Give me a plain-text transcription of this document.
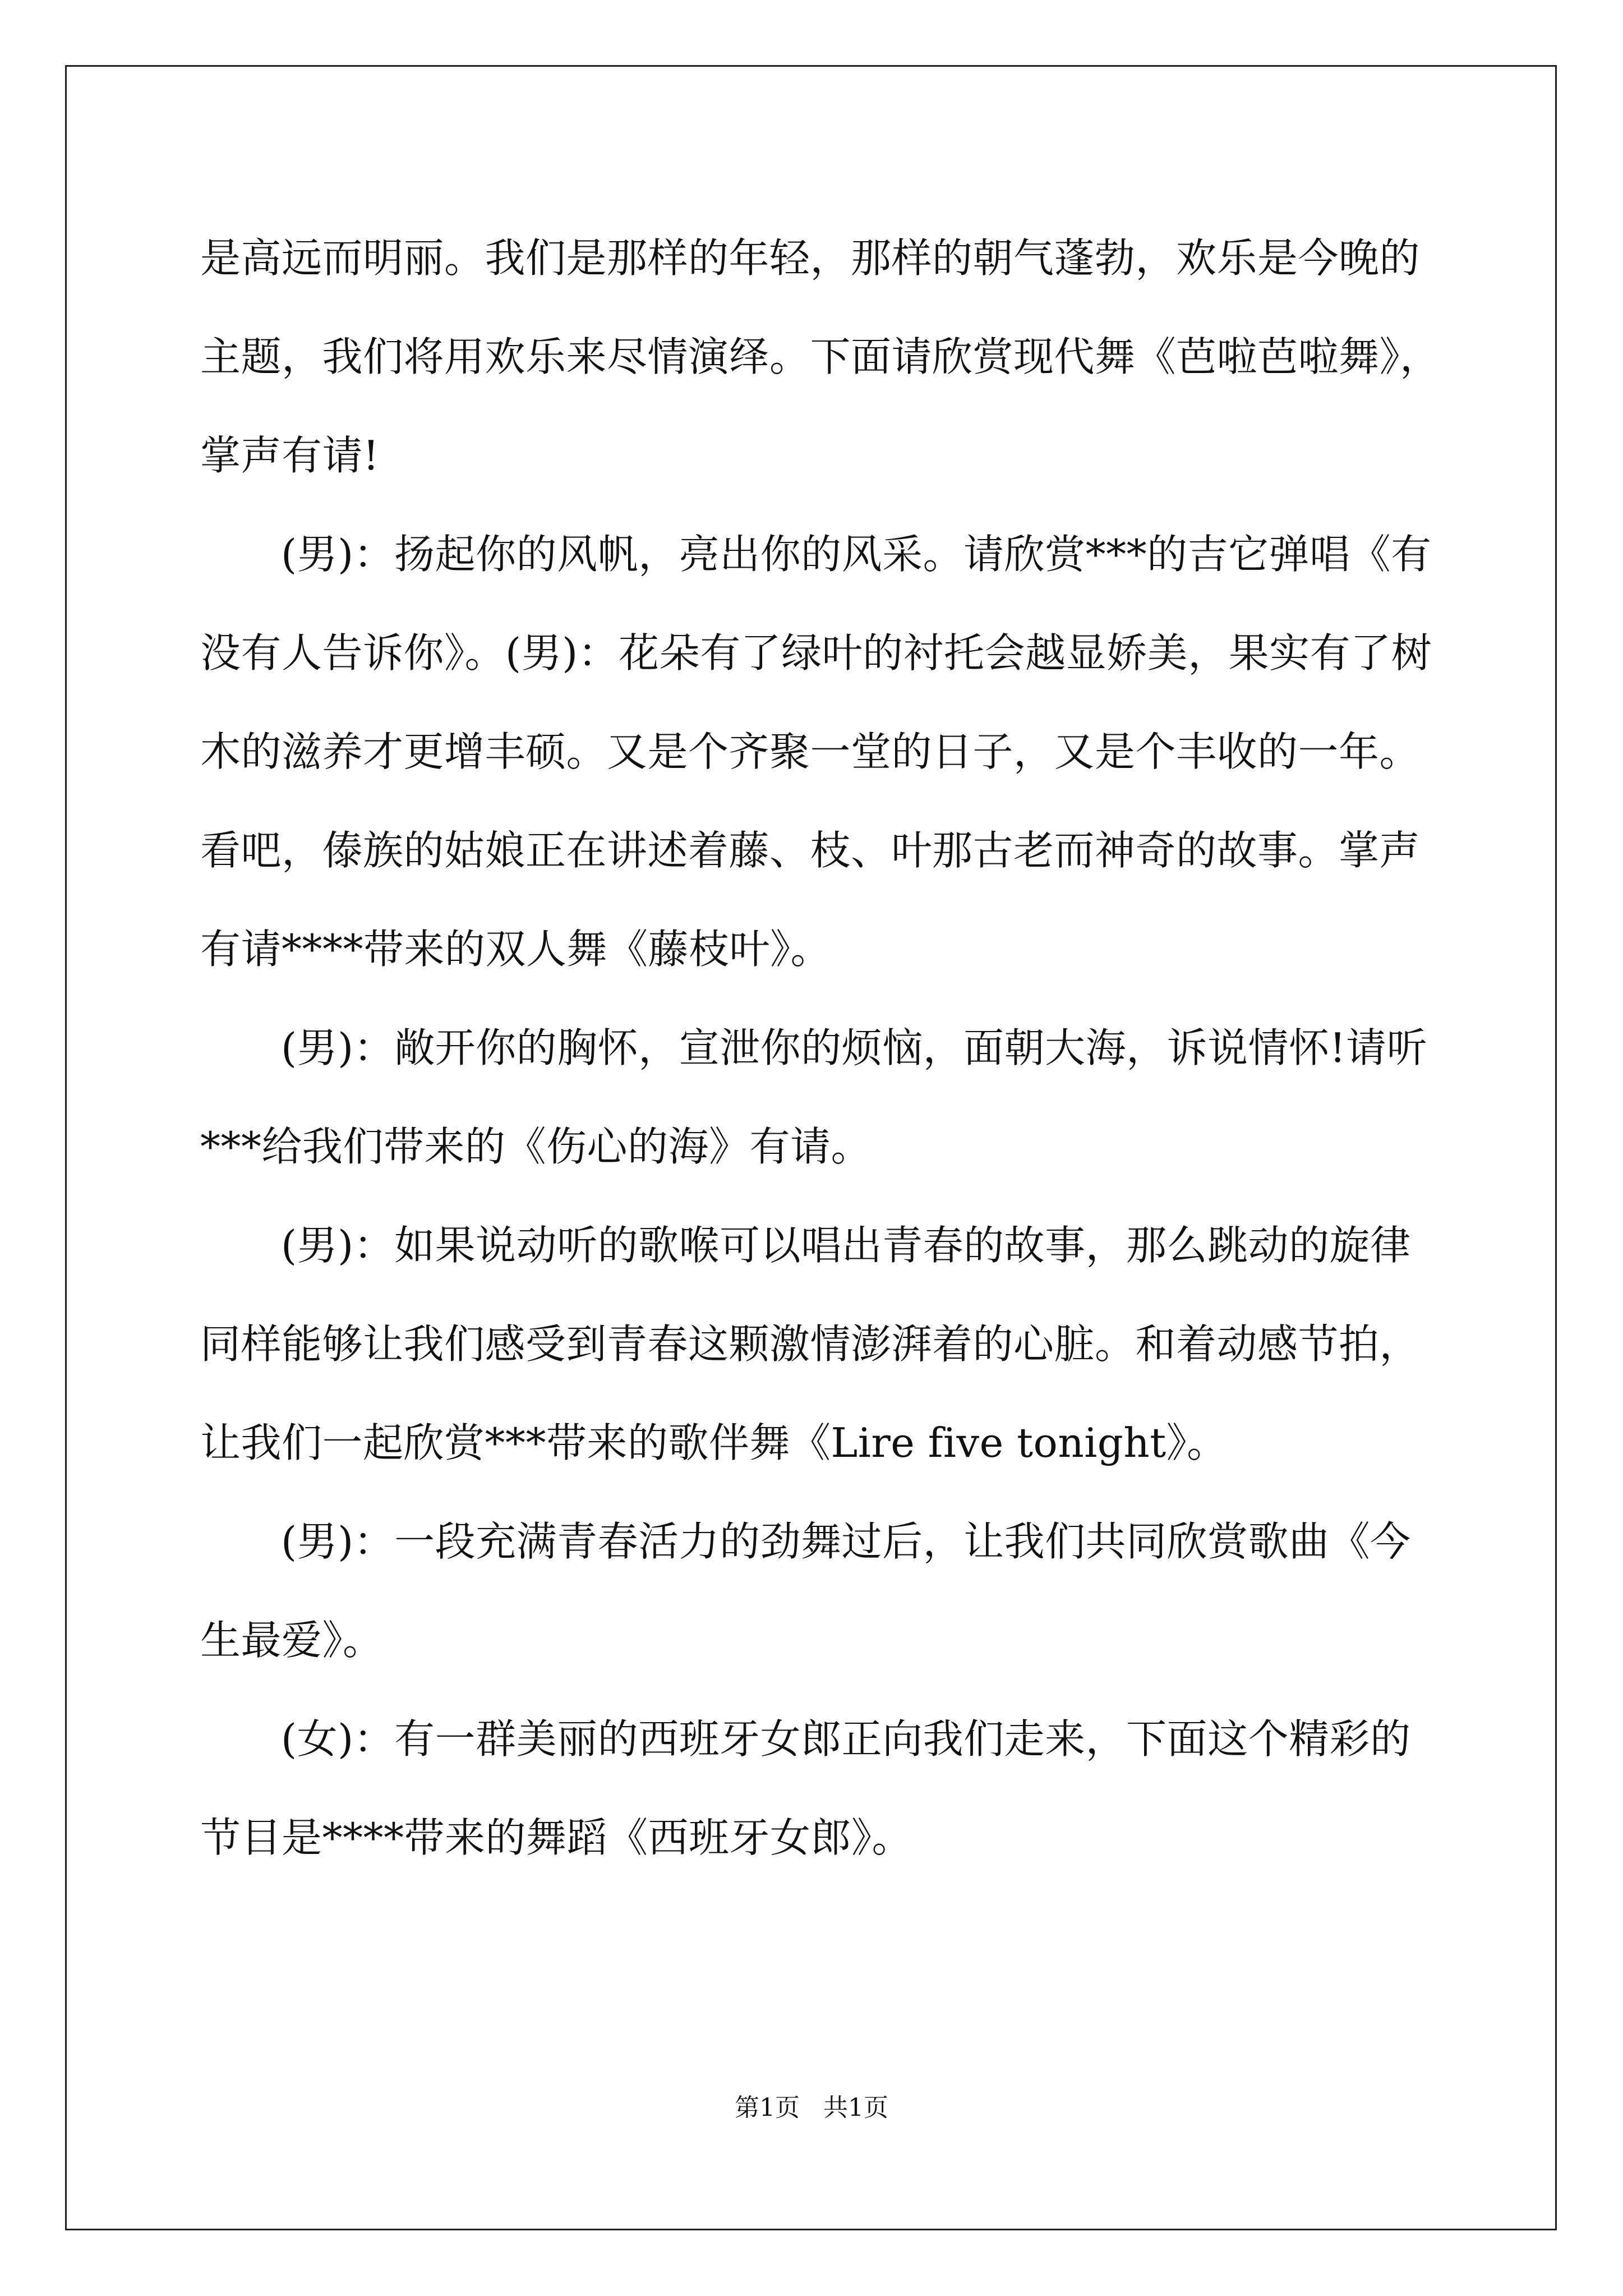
是高远而明丽。我们是那样的年轻，那样的朝气蓬勃，欢乐是今晚的
主题，我们将用欢乐来尽情演绎。下面请欣赏现代舞《芭啦芭啦舞》，
掌声有请!
(男)：扬起你的风帆，亮出你的风采。请欣赏***的吉它弹唱《有
没有人告诉你》。(男)：花朵有了绿叶的衬托会越显娇美，果实有了树
木的滋养才更增丰硕。又是个齐聚一堂的日子，又是个丰收的一年。
看吧，傣族的姑娘正在讲述着藤、枝、叶那古老而神奇的故事。掌声
有请****带来的双人舞《藤枝叶》。
(男)：敞开你的胸怀，宣泄你的烦恼，面朝大海，诉说情怀!请听
***给我们带来的《伤心的海》有请。
(男)：如果说动听的歌喉可以唱出青春的故事，那么跳动的旋律
同样能够让我们感受到青春这颗激情澎湃着的心脏。和着动感节拍，
让我们一起欣赏***带来的歌伴舞《Lire five tonight》。
(男)：一段充满青春活力的劲舞过后，让我们共同欣赏歌曲《今
生最爱》。
(女)：有一群美丽的西班牙女郎正向我们走来，下面这个精彩的
节目是****带来的舞蹈《西班牙女郎》。
第1页   共1页
